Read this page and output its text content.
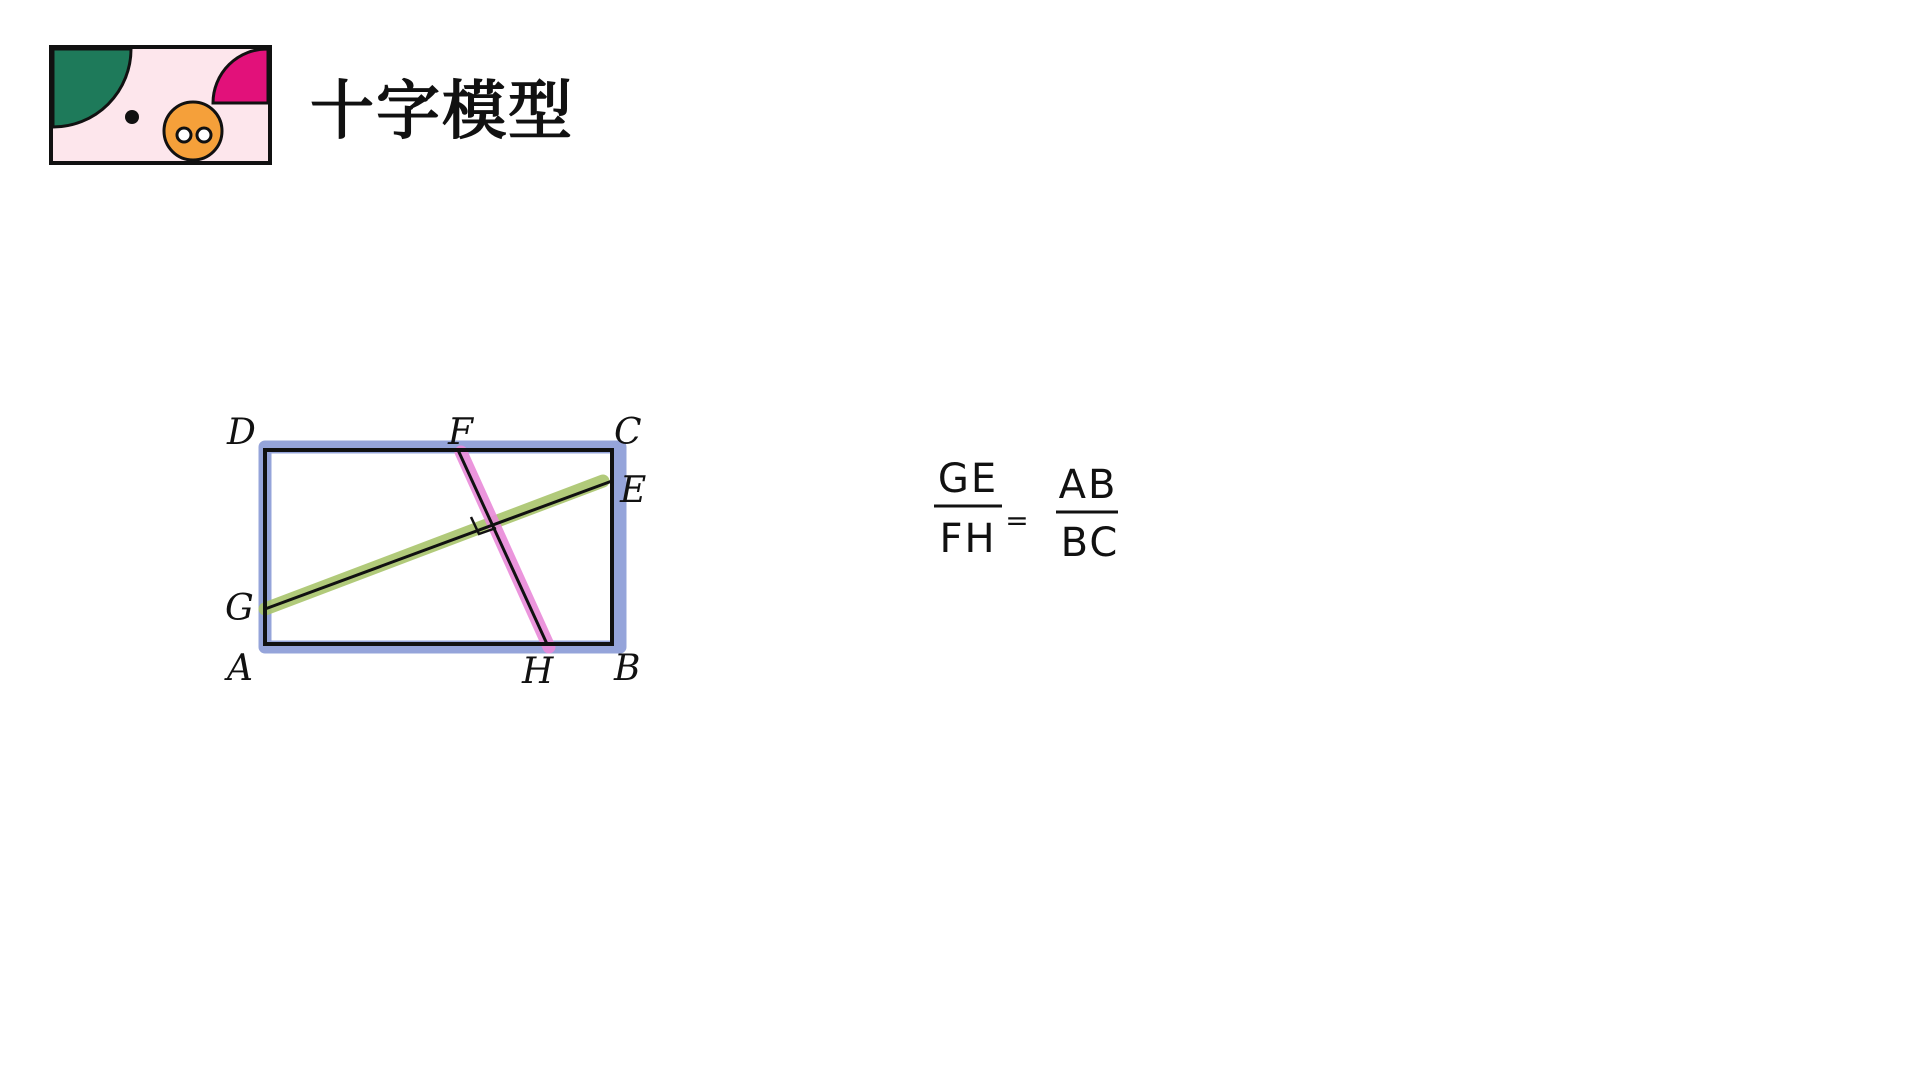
十字模型
D	F	C
E
G
A	H B
GE
FH =
AB
BC
